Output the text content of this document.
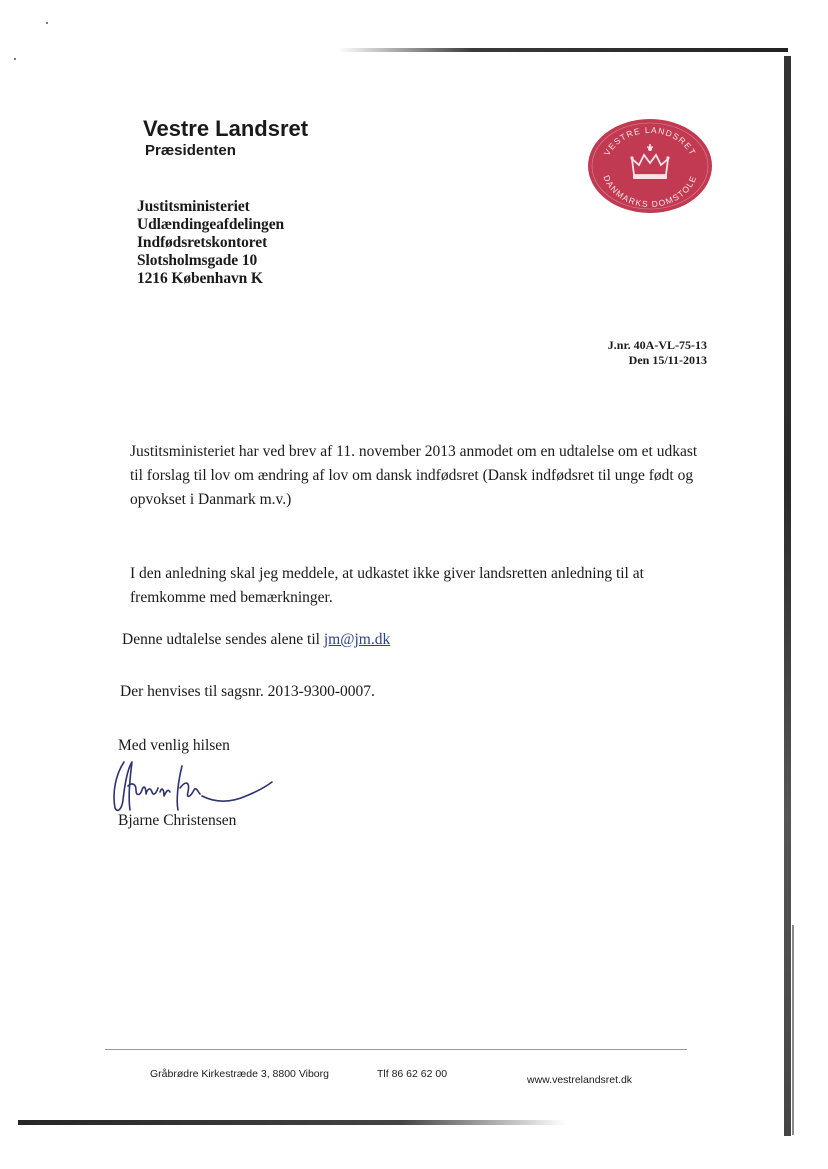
Vestre Landsret
Præsidenten	VESTRE LANDSRET
DANMARKS DOMSTOLE
Justitsministeriet
Udlændingeafdelingen
Indfødsretskontoret
Slotsholmsgade 10
1216 København K
J.nr. 40A-VL-75-13
Den 15/11-2013
Justitsministeriet har ved brev af 11. november 2013 anmodet om en udtalelse om et udkast til forslag til lov om ændring af lov om dansk indfødsret (Dansk indfødsret til unge født og opvokset i Danmark m.v.)
I den anledning skal jeg meddele, at udkastet ikke giver landsretten anledning til at fremkomme med bemærkninger.
Denne udtalelse sendes alene til jm@jm.dk
Der henvises til sagsnr. 2013-9300-0007.
Med venlig hilsen
Bjarne Christensen
Gråbrødre Kirkestræde 3, 8800 Viborg	Tlf 86 62 62 00	www.vestrelandsret.dk
